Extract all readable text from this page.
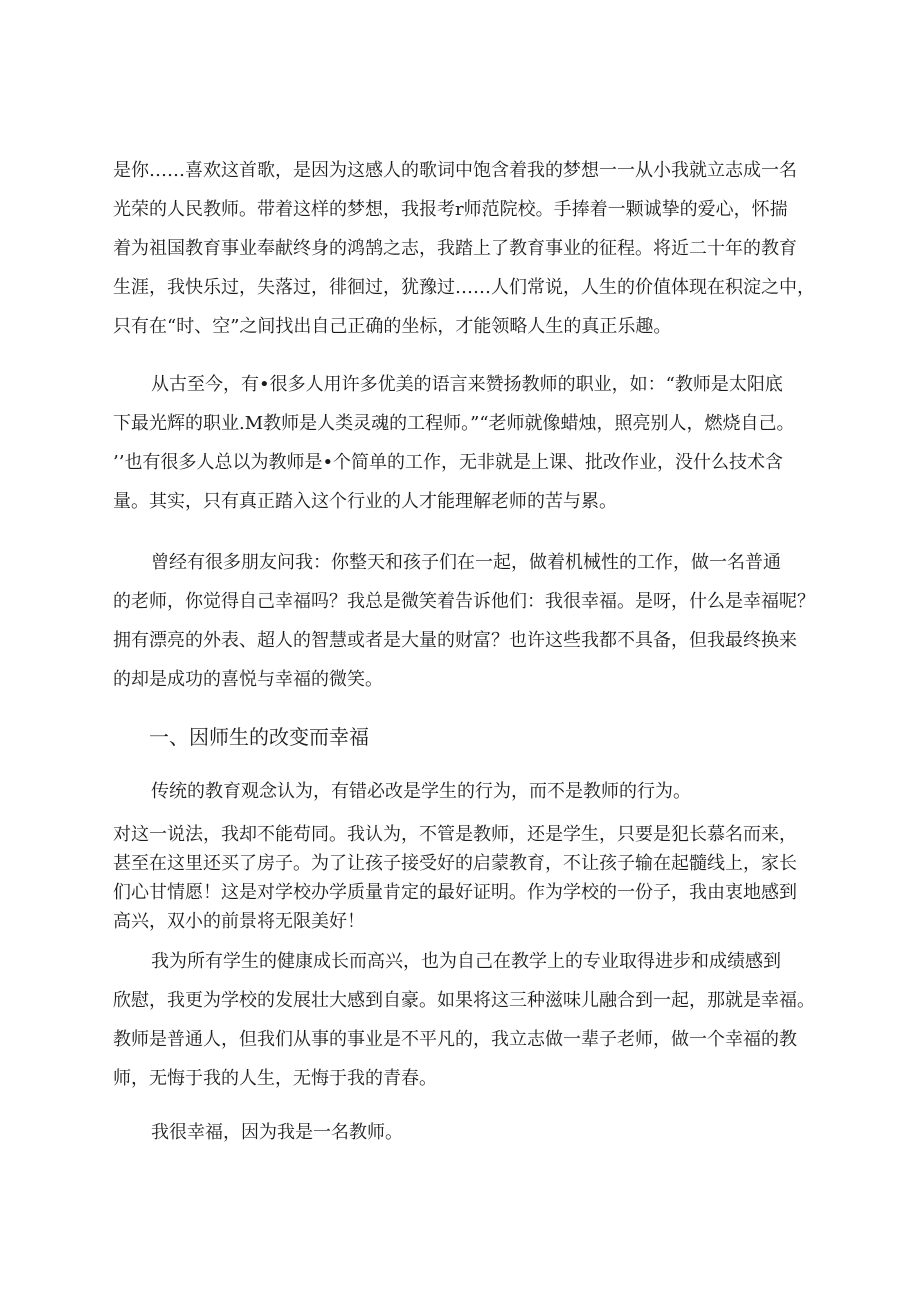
是你……喜欢这首歌，是因为这感人的歌词中饱含着我的梦想一一从小我就立志成一名
光荣的人民教师。带着这样的梦想，我报考r师范院校。手捧着一颗诚挚的爱心，怀揣
着为祖国教育事业奉献终身的鸿鹄之志，我踏上了教育事业的征程。将近二十年的教育
生涯，我快乐过，失落过，徘徊过，犹豫过……人们常说，人生的价值体现在积淀之中，
只有在“时、空”之间找出自己正确的坐标，才能领略人生的真正乐趣。
从古至今，有•很多人用许多优美的语言来赞扬教师的职业，如：“教师是太阳底
下最光辉的职业.M教师是人类灵魂的工程师。”“老师就像蜡烛，照亮别人，燃烧自己。
’’也有很多人总以为教师是•个简单的工作，无非就是上课、批改作业，没什么技术含
量。其实，只有真正踏入这个行业的人才能理解老师的苦与累。
曾经有很多朋友问我：你整天和孩子们在一起，做着机械性的工作，做一名普通
的老师，你觉得自己幸福吗？我总是微笑着告诉他们：我很幸福。是呀，什么是幸福呢？
拥有漂亮的外表、超人的智慧或者是大量的财富？也许这些我都不具备，但我最终换来
的却是成功的喜悦与幸福的微笑。
一、因师生的改变而幸福
传统的教育观念认为，有错必改是学生的行为，而不是教师的行为。
对这一说法，我却不能苟同。我认为，不管是教师，还是学生，只要是犯长慕名而来，
甚至在这里还买了房子。为了让孩子接受好的启蒙教育，不让孩子输在起髓线上，家长
们心甘情愿！这是对学校办学质量肯定的最好证明。作为学校的一份子，我由衷地感到
高兴，双小的前景将无限美好！
我为所有学生的健康成长而高兴，也为自己在教学上的专业取得进步和成绩感到
欣慰，我更为学校的发展壮大感到自豪。如果将这三种滋味儿融合到一起，那就是幸福。
教师是普通人，但我们从事的事业是不平凡的，我立志做一辈子老师，做一个幸福的教
师，无悔于我的人生，无悔于我的青春。
我很幸福，因为我是一名教师。
